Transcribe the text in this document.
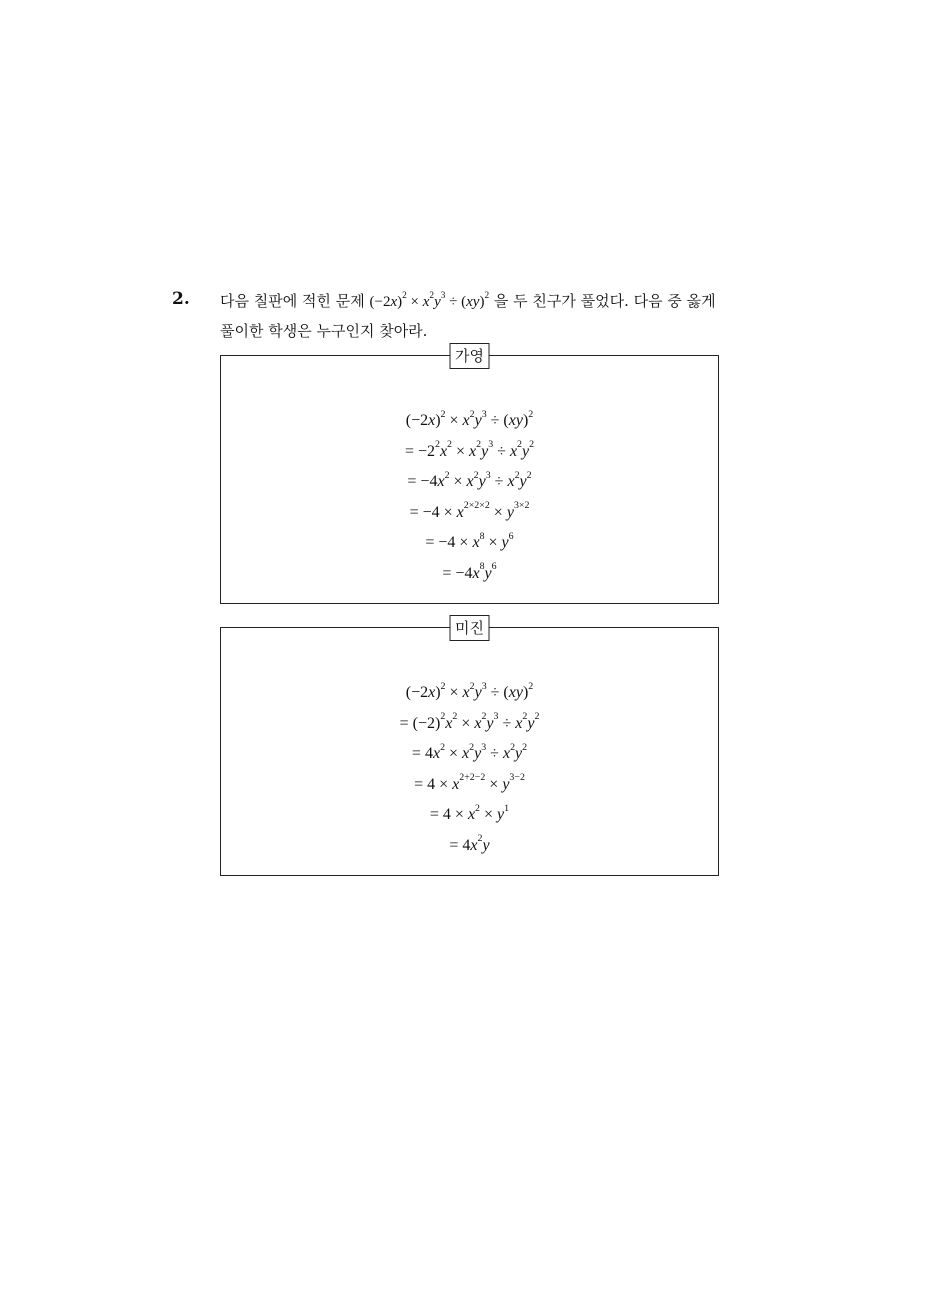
2. 다음 칠판에 적힌 문제 $(-2x)^2 \times x^2y^3 \div (xy)^2$ 을 두 친구가 풀었다. 다음 중 옳게
풀이한 학생은 누구인지 찾아라.
가영
$(-2x)^2 \times x^2y^3 \div (xy)^2$
= $-2^2x^2 \times x^2y^3 \div x^2y^2$
= $-4x^2 \times x^2y^3 \div x^2y^2$
= $-4 \times x^{2\times 2\times 2} \times y^{3\times 2}$
= $-4 \times x^8 \times y^6$
= $-4x^8y^6$
미진
$(-2x)^2 \times x^2y^3 \div (xy)^2$
= $(-2)^2x^2 \times x^2y^3 \div x^2y^2$
= $4x^2 \times x^2y^3 \div x^2y^2$
= $4 \times x^{2+2-2} \times y^{3-2}$
= $4 \times x^2 \times y^1$
= $4x^2y$
